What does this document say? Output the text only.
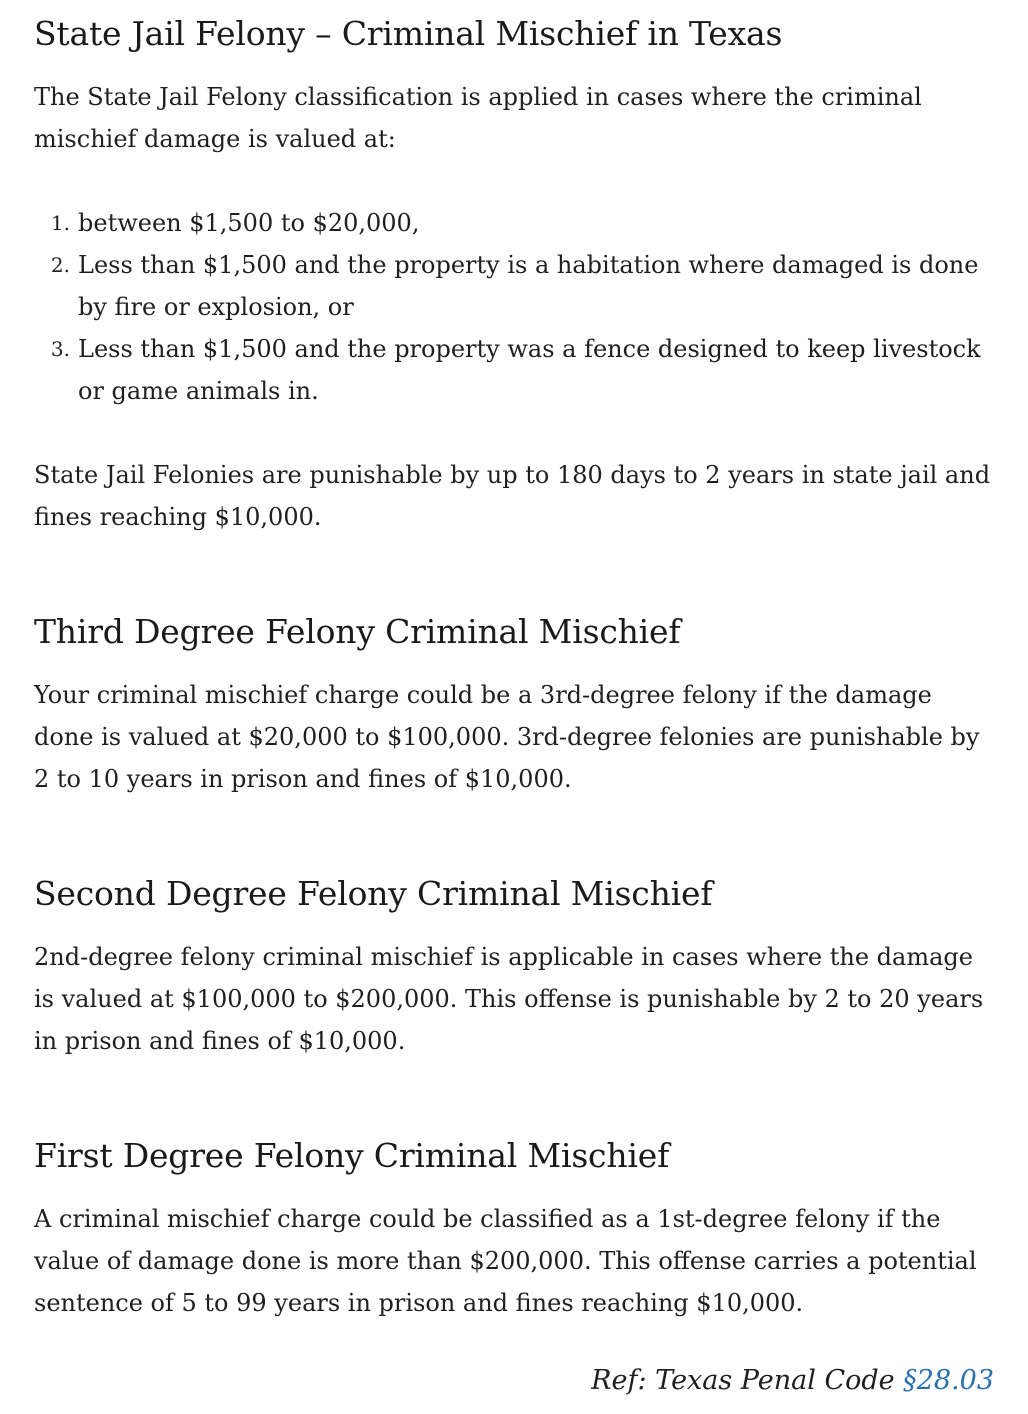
State Jail Felony – Criminal Mischief in Texas

The State Jail Felony classification is applied in cases where the criminal mischief damage is valued at:

1. between $1,500 to $20,000,
2. Less than $1,500 and the property is a habitation where damaged is done by fire or explosion, or
3. Less than $1,500 and the property was a fence designed to keep livestock or game animals in.

State Jail Felonies are punishable by up to 180 days to 2 years in state jail and fines reaching $10,000.

Third Degree Felony Criminal Mischief

Your criminal mischief charge could be a 3rd-degree felony if the damage done is valued at $20,000 to $100,000. 3rd-degree felonies are punishable by 2 to 10 years in prison and fines of $10,000.

Second Degree Felony Criminal Mischief

2nd-degree felony criminal mischief is applicable in cases where the damage is valued at $100,000 to $200,000. This offense is punishable by 2 to 20 years in prison and fines of $10,000.

First Degree Felony Criminal Mischief

A criminal mischief charge could be classified as a 1st-degree felony if the value of damage done is more than $200,000. This offense carries a potential sentence of 5 to 99 years in prison and fines reaching $10,000.

Ref: Texas Penal Code §28.03
